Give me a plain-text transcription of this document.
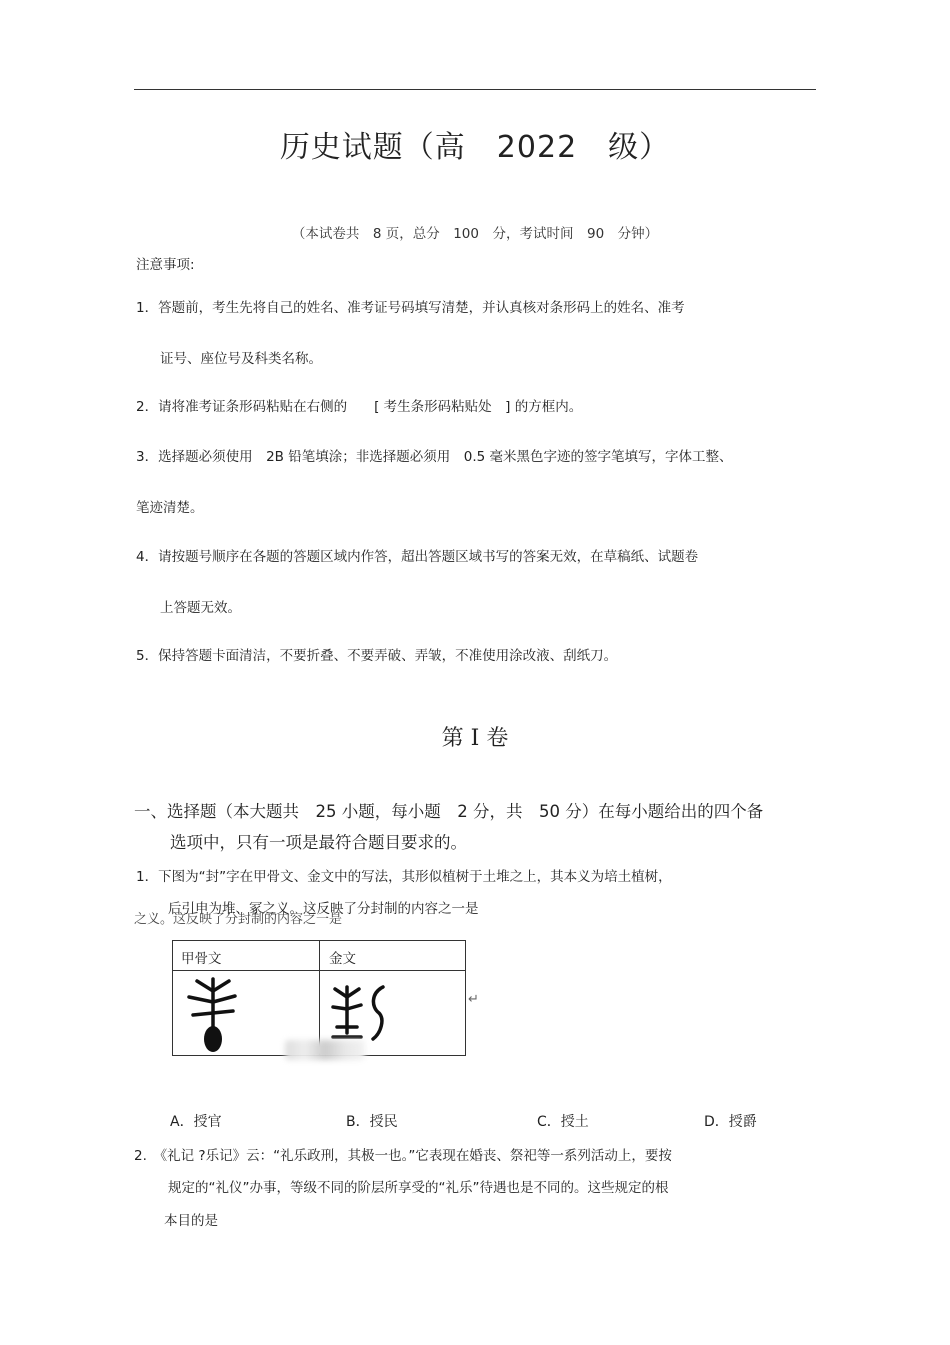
历史试题（高　2022　级）
（本试卷共　8 页，总分　100　分，考试时间　90　分钟）
注意事项:
1．答题前，考生先将自己的姓名、准考证号码填写清楚，并认真核对条形码上的姓名、准考
证号、座位号及科类名称。
2．请将准考证条形码粘贴在右侧的　　[ 考生条形码粘贴处　] 的方框内。
3．选择题必须使用　2B 铅笔填涂；非选择题必须用　0.5 毫米黑色字迹的签字笔填写，字体工整、
笔迹清楚。
4．请按题号顺序在各题的答题区域内作答，超出答题区域书写的答案无效，在草稿纸、试题卷
上答题无效。
5．保持答题卡面清洁，不要折叠、不要弄破、弄皱，不准使用涂改液、刮纸刀。
第 I 卷
一、选择题（本大题共　25 小题，每小题　2 分，共　50 分）在每小题给出的四个备
选项中，只有一项是最符合题目要求的。
1．下图为“封”字在甲骨文、金文中的写法，其形似植树于土堆之上，其本义为培土植树，
后引申为堆、冢之义。这反映了分封制的内容之一是
之义。这反映了分封制的内容之一是
甲骨文	金文
↵
A．授官	B．授民	C．授土	D．授爵
2.　《礼记 ?乐记》云：“礼乐政刑，其极一也。”它表现在婚丧、祭祀等一系列活动上，要按
规定的“礼仪”办事，等级不同的阶层所享受的“礼乐”待遇也是不同的。这些规定的根
本目的是
